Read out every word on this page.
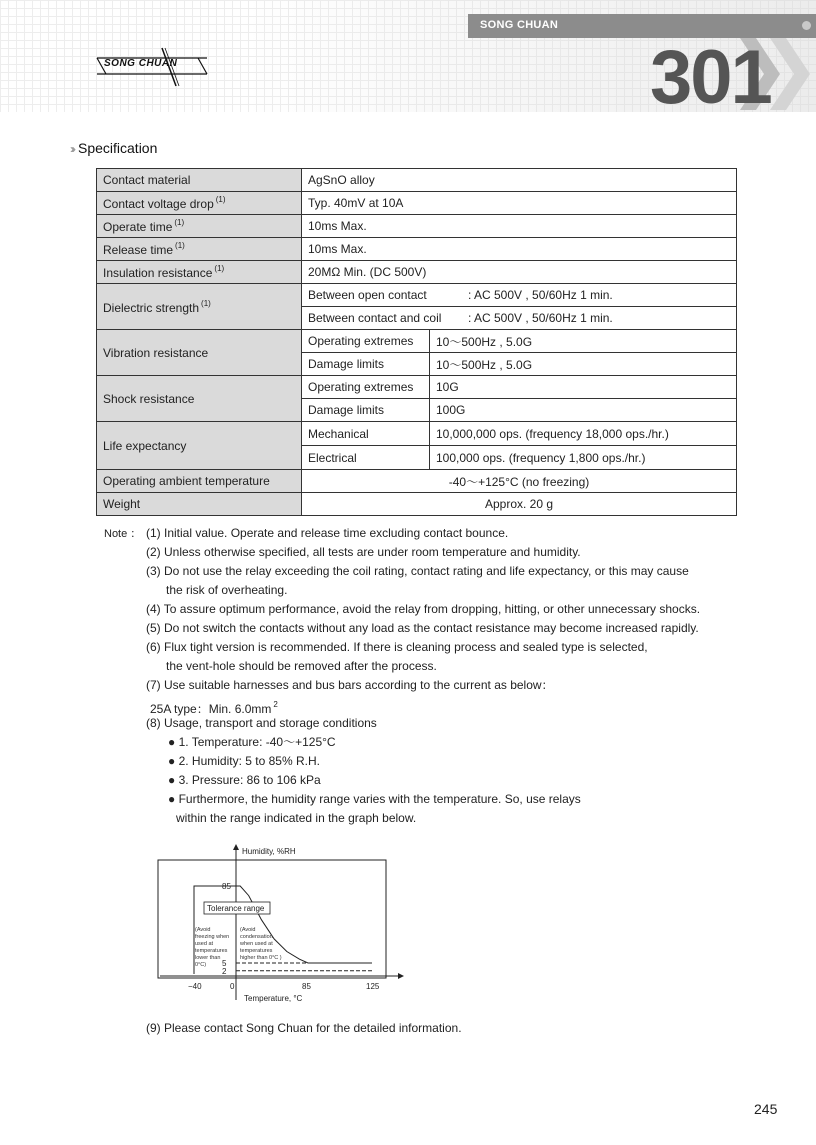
SONG CHUAN
301
SONG CHUAN
››› Specification
Contact material	AgSnO alloy	
Contact voltage drop $^{(1)}$	Typ. 40mV at 10A	
Operate time $^{(1)}$	10ms Max.	
Release time $^{(1)}$	10ms Max.	
Insulation resistance $^{(1)}$	20MΩ Min. (DC 500V)	
Dielectric strength $^{(1)}$	Between open contact : AC 500V , 50/60Hz 1 min.	
	Between contact and coil : AC 500V , 50/60Hz 1 min.	
Vibration resistance	Operating extremes	10～500Hz , 5.0G
	Damage limits	10～500Hz , 5.0G
Shock resistance	Operating extremes	10G
	Damage limits	100G
Life expectancy	Mechanical	10,000,000 ops. (frequency 18,000 ops./hr.)
	Electrical	100,000 ops. (frequency 1,800 ops./hr.)
Operating ambient temperature	-40～+125°C (no freezing)	
Weight	Approx. 20 g	
Note ： (1) Initial value. Operate and release time excluding contact bounce.
(2) Unless otherwise specified, all tests are under room temperature and humidity.
(3) Do not use the relay exceeding the coil rating, contact rating and life expectancy, or this may cause
the risk of overheating.
(4) To assure optimum performance, avoid the relay from dropping, hitting, or other unnecessary shocks.
(5) Do not switch the contacts without any load as the contact resistance may become increased rapidly.
(6) Flux tight version is recommended. If there is cleaning process and sealed type is selected,
the vent-hole should be removed after the process.
(7) Use suitable harnesses and bus bars according to the current as below：
25A type：Min. 6.0mm $^2$
(8) Usage, transport and storage conditions
● 1. Temperature: -40～+125°C
● 2. Humidity: 5 to 85% R.H.
● 3. Pressure: 86 to 106 kPa
● Furthermore, the humidity range varies with the temperature. So, use relays
within the range indicated in the graph below.
Tolerance range
(Avoid
freezing when
used at
temperatures
lower than
0°C)
(Avoid
condensation
when used at
temperatures
higher than 0°C )
−40	0	85	125
85
5
2
Humidity, %RH
Temperature, °C
(9) Please contact Song Chuan for the detailed information.
245
